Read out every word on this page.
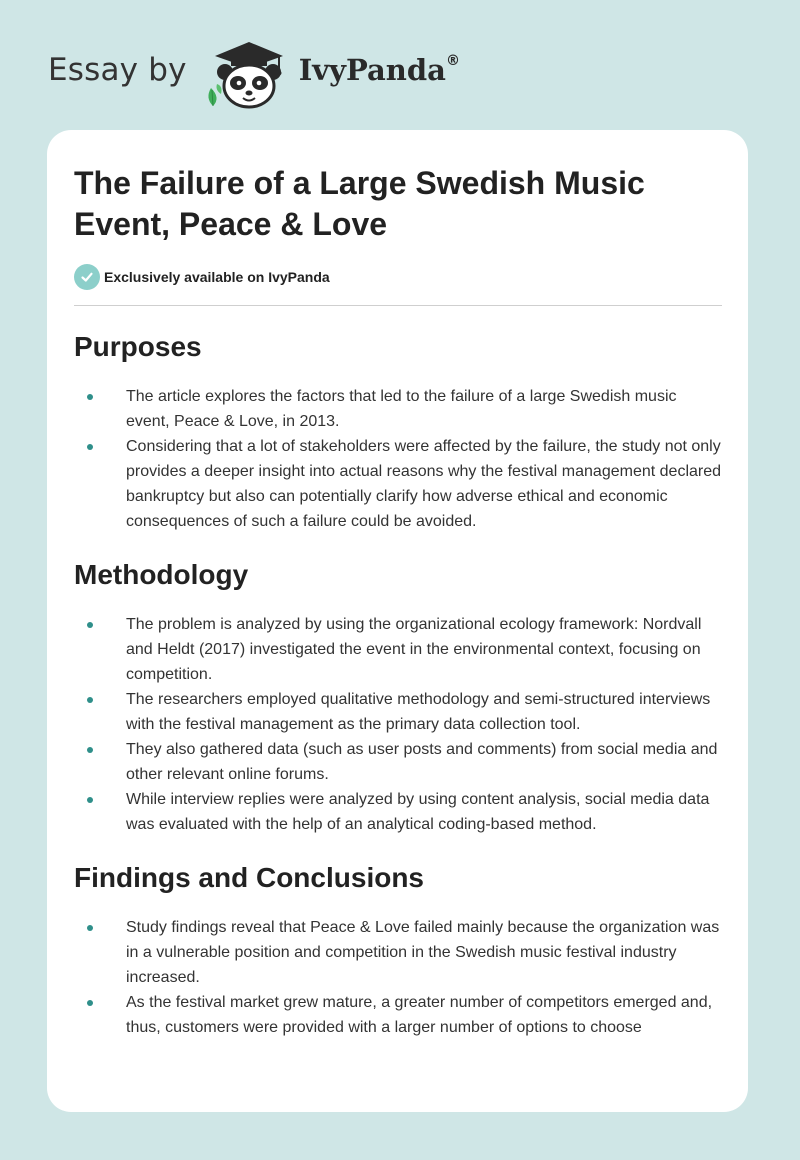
Essay by	IvyPanda®
The Failure of a Large Swedish Music Event, Peace & Love
Exclusively available on IvyPanda
Purposes
The article explores the factors that led to the failure of a large Swedish music event, Peace & Love, in 2013.
Considering that a lot of stakeholders were affected by the failure, the study not only provides a deeper insight into actual reasons why the festival management declared bankruptcy but also can potentially clarify how adverse ethical and economic consequences of such a failure could be avoided.
Methodology
The problem is analyzed by using the organizational ecology framework: Nordvall and Heldt (2017) investigated the event in the environmental context, focusing on competition.
The researchers employed qualitative methodology and semi-structured interviews with the festival management as the primary data collection tool.
They also gathered data (such as user posts and comments) from social media and other relevant online forums.
While interview replies were analyzed by using content analysis, social media data was evaluated with the help of an analytical coding-based method.
Findings and Conclusions
Study findings reveal that Peace & Love failed mainly because the organization was in a vulnerable position and competition in the Swedish music festival industry increased.
As the festival market grew mature, a greater number of competitors emerged and, thus, customers were provided with a larger number of options to choose
